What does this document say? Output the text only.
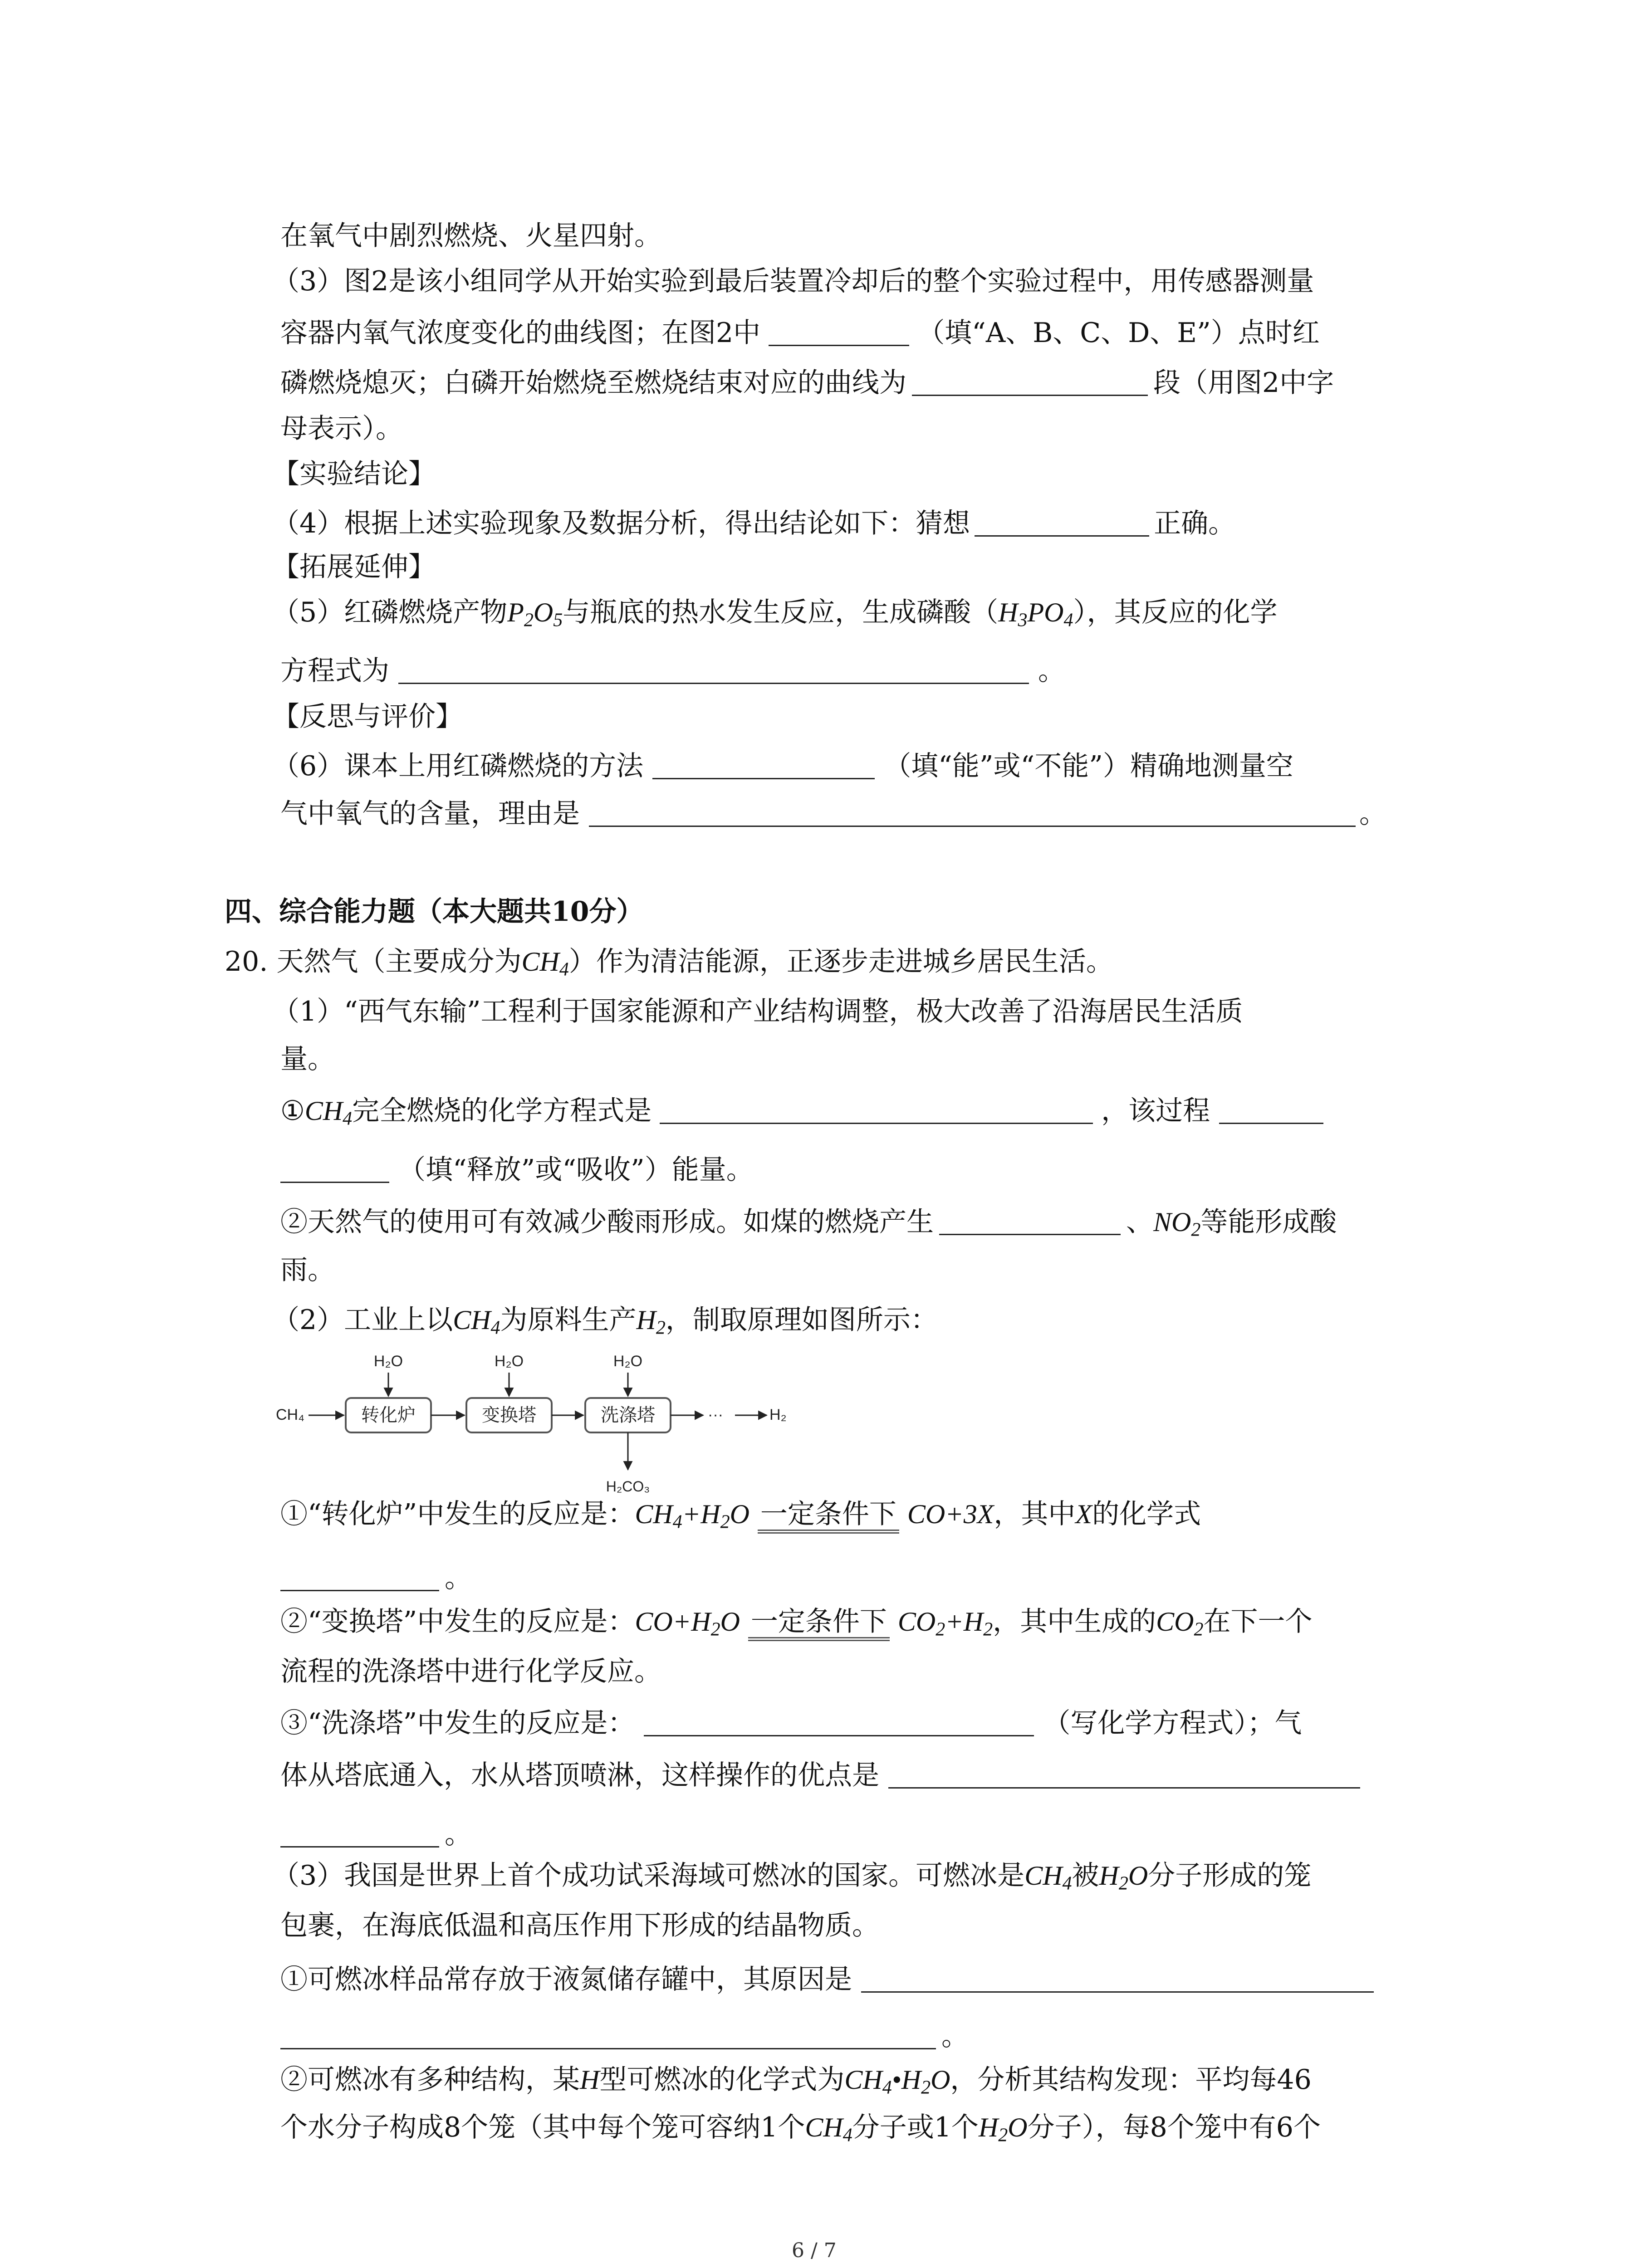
在氧气中剧烈燃烧、火星四射。
（3）图2是该小组同学从开始实验到最后装置冷却后的整个实验过程中，用传感器测量
容器内氧气浓度变化的曲线图；在图2中	（填“A、B、C、D、E”）点时红
磷燃烧熄灭；白磷开始燃烧至燃烧结束对应的曲线为	段（用图2中字
母表示）。
【实验结论】
（4）根据上述实验现象及数据分析，得出结论如下：猜想	正确。
【拓展延伸】
（5）红磷燃烧产物$P_2O_5$与瓶底的热水发生反应，生成磷酸$(H_3PO_4)$，其反应的化学
方程式为	。
【反思与评价】
（6）课本上用红磷燃烧的方法	（填“能”或“不能”）精确地测量空
气中氧气的含量，理由是	。
四、综合能力题（本大题共10分）
20. 天然气（主要成分为$CH_4$）作为清洁能源，正逐步走进城乡居民生活。
（1）“西气东输”工程利于国家能源和产业结构调整，极大改善了沿海居民生活质
量。
$①CH_4$完全燃烧的化学方程式是	，该过程
（填“释放”或“吸收”）能量。
②天然气的使用可有效减少酸雨形成。如煤的燃烧产生	、$NO_2$等能形成酸
雨。
（2）工业上以$CH_4$为原料生产$H_2$，制取原理如图所示：
CH₄	转化炉
H₂O
变换塔
H₂O
洗涤塔
H₂O
H₂CO₃
···	H₂
①“转化炉”中发生的反应是：$CH_4+H_2O$ 一定条件下 CO+3X，其中X的化学式
。
②“变换塔”中发生的反应是：$CO+H_2O$ 一定条件下 $CO_2+H_2$，其中生成的$CO_2$在下一个
流程的洗涤塔中进行化学反应。
③“洗涤塔”中发生的反应是：	（写化学方程式）；气
体从塔底通入，水从塔顶喷淋，这样操作的优点是
。
（3）我国是世界上首个成功试采海域可燃冰的国家。可燃冰是$CH_4$被$H_2O$分子形成的笼
包裹，在海底低温和高压作用下形成的结晶物质。
①可燃冰样品常存放于液氮储存罐中，其原因是
。
②可燃冰有多种结构，某H型可燃冰的化学式为$CH_4•H_2O$，分析其结构发现：平均每46
个水分子构成8个笼（其中每个笼可容纳1个$CH_4$分子或1个$H_2O$分子），每8个笼中有6个
6 / 7
